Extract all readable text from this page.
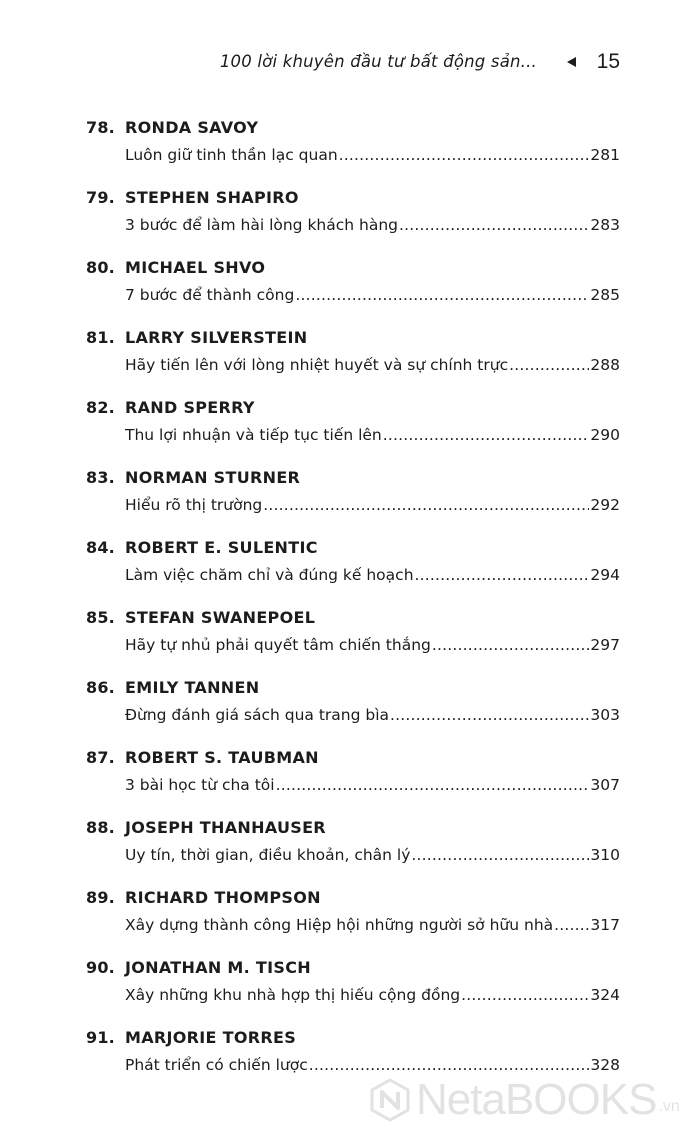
100 lời khuyên đầu tư bất động sản...	15
78. RONDA SAVOY
Luôn giữ tinh thần lạc quan .....	281
79. STEPHEN SHAPIRO
3 bước để làm hài lòng khách hàng .....	283
80. MICHAEL SHVO
7 bước để thành công .....	285
81. LARRY SILVERSTEIN
Hãy tiến lên với lòng nhiệt huyết và sự chính trực .....	288
82. RAND SPERRY
Thu lợi nhuận và tiếp tục tiến lên .....	290
83. NORMAN STURNER
Hiểu rõ thị trường .....	292
84. ROBERT E. SULENTIC
Làm việc chăm chỉ và đúng kế hoạch .....	294
85. STEFAN SWANEPOEL
Hãy tự nhủ phải quyết tâm chiến thắng .....	297
86. EMILY TANNEN
Đừng đánh giá sách qua trang bìa .....	303
87. ROBERT S. TAUBMAN
3 bài học từ cha tôi .....	307
88. JOSEPH THANHAUSER
Uy tín, thời gian, điều khoản, chân lý .....	310
89. RICHARD THOMPSON
Xây dựng thành công Hiệp hội những người sở hữu nhà ..... 317
90. JONATHAN M. TISCH
Xây những khu nhà hợp thị hiếu cộng đồng .....	324
91. MARJORIE TORRES
Phát triển có chiến lược .....	328
NetaBOOKS .vn
